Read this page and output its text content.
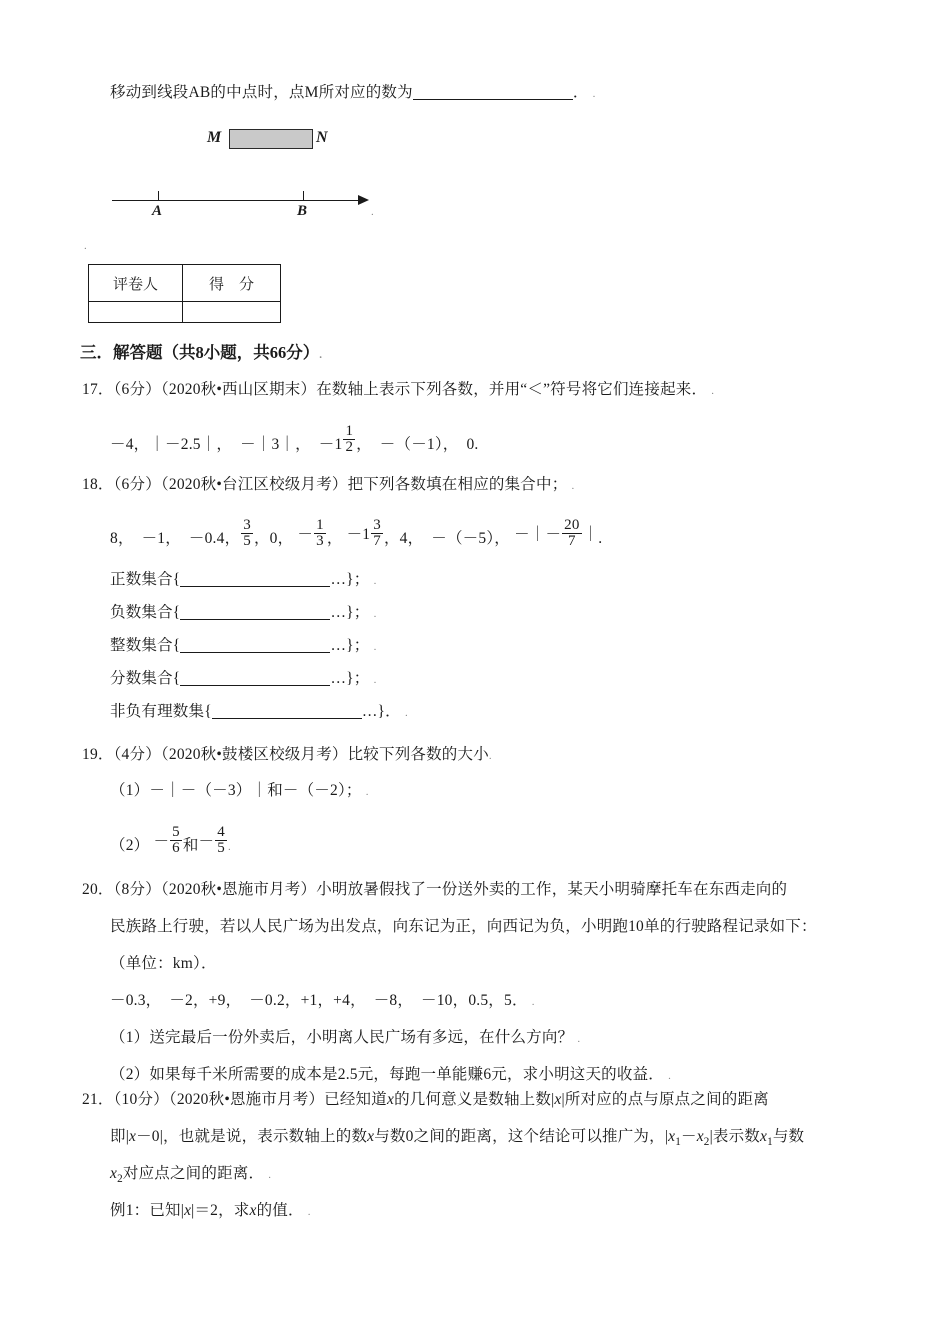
移动到线段AB的中点时，点M所对应的数为	． .
M	N
A	B	.
.
评卷人	得　分

三．解答题（共8小题，共66分）.
17．（6分）（2020秋•西山区期末）在数轴上表示下列各数，并用“＜”符号将它们连接起来． .
－4，｜－2.5｜，　－｜3｜，　$-1 \frac{1}{2}$ ，　－（－1），　0.
18．（6分）（2020秋•台江区校级月考）把下列各数填在相应的集合中； .
8，　－1，　－0.4， $\frac{3}{5}$ ，0， － $\frac{1}{3}$ ， $-1 \frac{3}{7}$ ，4，　－（－5）， －｜－ $\frac{20}{7}$ ｜.
正数集合{	…}； .
负数集合{	…}； .
整数集合{	…}； .
分数集合{	…}； .
非负有理数集{	…}． .
19．（4分）（2020秋•鼓楼区校级月考）比较下列各数的大小.
（1）－｜－（－3）｜和－（－2）； .
$(2) - \frac{5}{6}$ 和－ $\frac{4}{5}$ .
20．（8分）（2020秋•恩施市月考）小明放暑假找了一份送外卖的工作，某天小明骑摩托车在东西走向的
民族路上行驶，若以人民广场为出发点，向东记为正，向西记为负，小明跑10单的行驶路程记录如下：
（单位：km）．
－0.3，　－2，+9，　－0.2，+1，+4，　－8，　－10，0.5，5． .
（1）送完最后一份外卖后，小明离人民广场有多远，在什么方向？ .
（2）如果每千米所需要的成本是2.5元，每跑一单能赚6元，求小明这天的收益． .
21．（10分）（2020秋•恩施市月考）已经知道x的几何意义是数轴上数|x|所对应的点与原点之间的距离
即|x－0|，也就是说，表示数轴上的数x与数0之间的距离，这个结论可以推广为，$|x_1-x_2|$表示数$x_1$与数
$x_2$对应点之间的距离． .
例1：已知|x|＝2，求x的值． .
